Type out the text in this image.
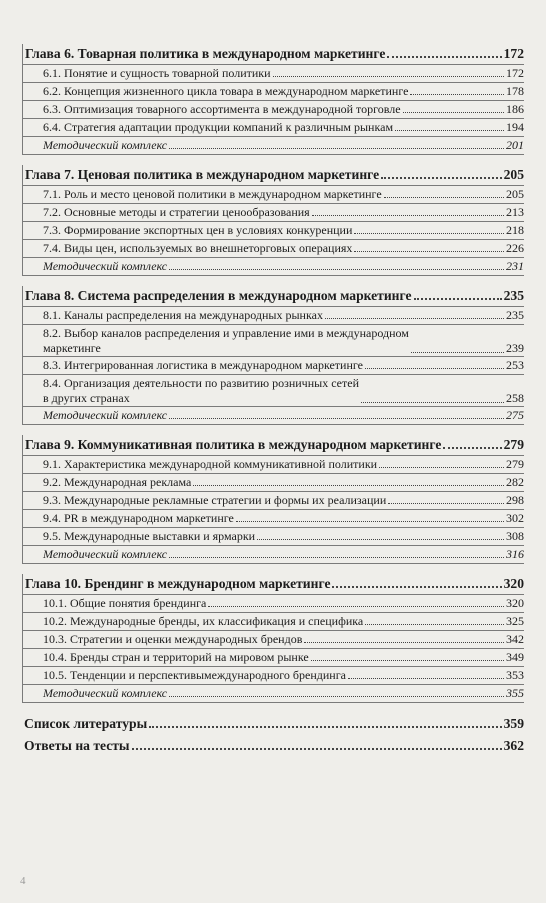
Глава 6. Товарная политика в международном маркетинге	172
6.1. Понятие и сущность товарной политики	172
6.2. Концепция жизненного цикла товара в международном маркетинге	178
6.3. Оптимизация товарного ассортимента в международной торговле	186
6.4. Стратегия адаптации продукции компаний к различным рынкам	194
Методический комплекс	201
Глава 7. Ценовая политика в международном маркетинге	205
7.1. Роль и место ценовой политики в международном маркетинге	205
7.2. Основные методы и стратегии ценообразования	213
7.3. Формирование экспортных цен в условиях конкуренции	218
7.4. Виды цен, используемых во внешнеторговых операциях	226
Методический комплекс	231
Глава 8. Система распределения в международном маркетинге	235
8.1. Каналы распределения на международных рынках	235
8.2. Выбор каналов распределения и управление ими в международном
маркетинге	239
8.3. Интегрированная логистика в международном маркетинге	253
8.4. Организация деятельности по развитию розничных сетей
в других странах	258
Методический комплекс	275
Глава 9. Коммуникативная политика в международном маркетинге	279
9.1. Характеристика международной коммуникативной политики	279
9.2. Международная реклама	282
9.3. Международные рекламные стратегии и формы их реализации	298
9.4. PR в международном маркетинге	302
9.5. Международные выставки и ярмарки	308
Методический комплекс	316
Глава 10. Брендинг в международном маркетинге	320
10.1. Общие понятия брендинга	320
10.2. Международные бренды, их классификация и специфика	325
10.3. Стратегии и оценки международных брендов	342
10.4. Бренды стран и территорий на мировом рынке	349
10.5. Тенденции и перспективымеждународного брендинга	353
Методический комплекс	355
Список литературы	359
Ответы на тесты	362
4
